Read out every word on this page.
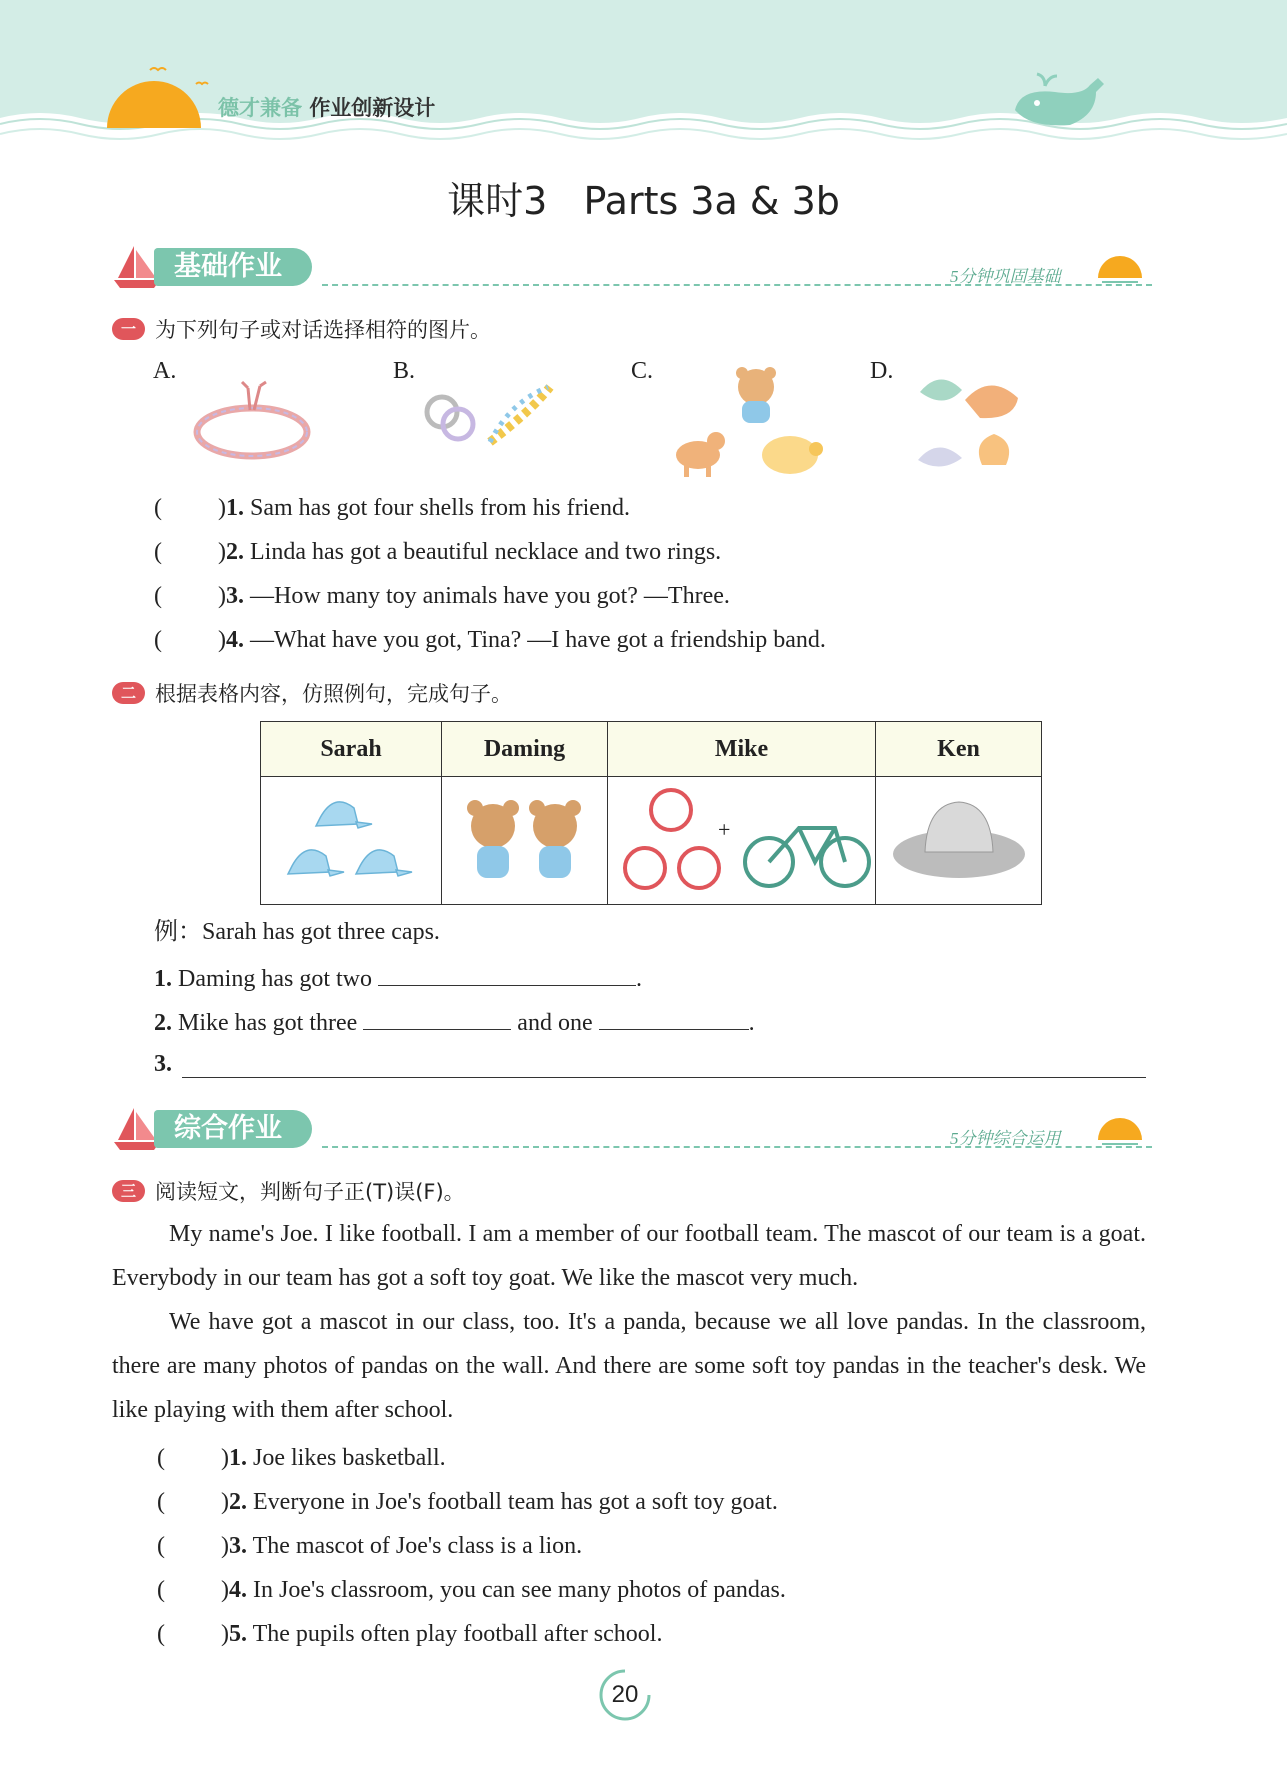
德才兼备 作业创新设计
课时3   Parts 3a & 3b
基础作业	5分钟巩固基础
一 为下列句子或对话选择相符的图片。
A.	B.	C.	D.
( )1. Sam has got four shells from his friend.
( )2. Linda has got a beautiful necklace and two rings.
( )3. —How many toy animals have you got? —Three.
( )4. —What have you got, Tina? —I have got a friendship band.
二 根据表格内容，仿照例句，完成句子。
Sarah	Daming	Mike	Ken

+

例：Sarah has got three caps.
1. Daming has got two	.
2. Mike has got three	and one	.
3.
综合作业	5分钟综合运用
三 阅读短文，判断句子正(T)误(F)。
My name's Joe. I like football. I am a member of our football team. The mascot of our team is a goat. Everybody in our team has got a soft toy goat. We like the mascot very much.
We have got a mascot in our class, too. It's a panda, because we all love pandas. In the classroom, there are many photos of pandas on the wall. And there are some soft toy pandas in the teacher's desk. We like playing with them after school.
( )1. Joe likes basketball.
( )2. Everyone in Joe's football team has got a soft toy goat.
( )3. The mascot of Joe's class is a lion.
( )4. In Joe's classroom, you can see many photos of pandas.
( )5. The pupils often play football after school.
20
